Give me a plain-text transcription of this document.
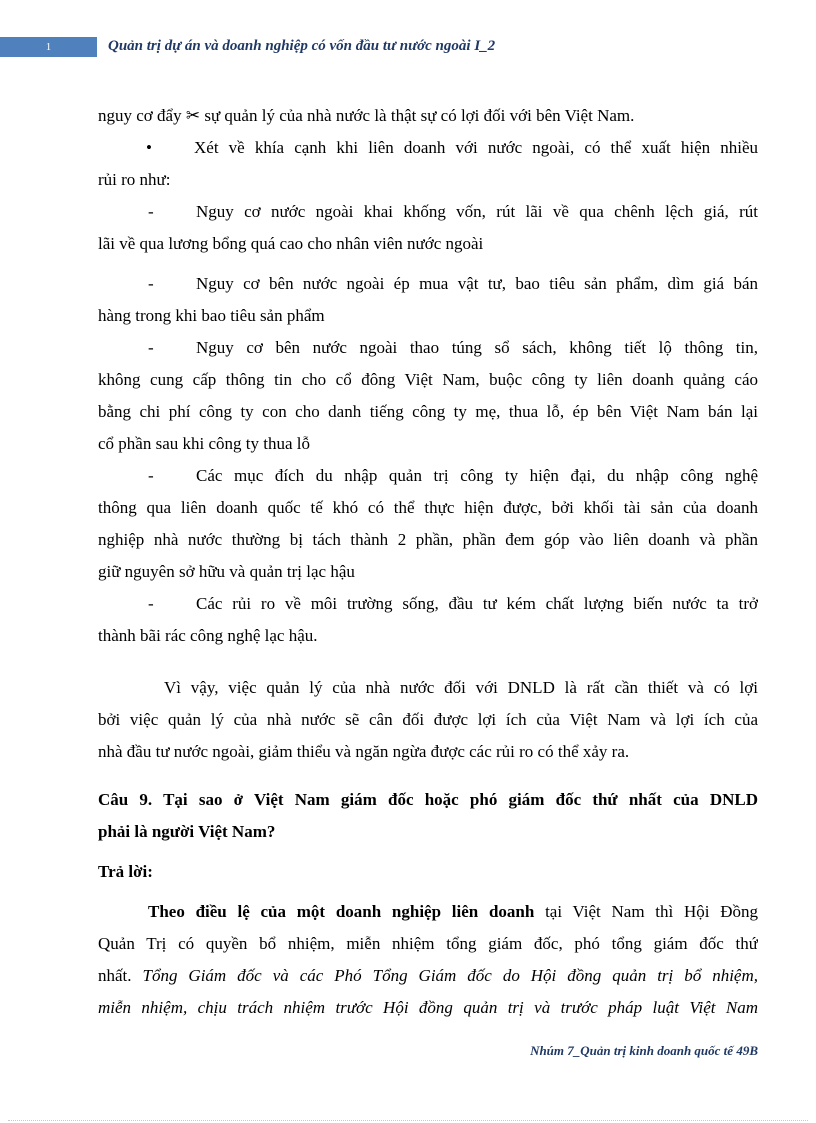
1	Quản trị dự án và doanh nghiệp có vốn đầu tư nước ngoài I_2
nguy cơ đẩy ✂ sự quản lý của nhà nước là thật sự có lợi đối với bên Việt Nam.
• Xét về khía cạnh khi liên doanh với nước ngoài, có thể xuất hiện nhiều
rủi ro như:
- Nguy cơ nước ngoài khai khống vốn, rút lãi về qua chênh lệch giá, rút
lãi về qua lương bổng quá cao cho nhân viên nước ngoài
- Nguy cơ bên nước ngoài ép mua vật tư, bao tiêu sản phẩm, dìm giá bán
hàng trong khi bao tiêu sản phẩm
- Nguy cơ bên nước ngoài thao túng sổ sách, không tiết lộ thông tin,
không cung cấp thông tin cho cổ đông Việt Nam, buộc công ty liên doanh quảng cáo
bằng chi phí công ty con cho danh tiếng công ty mẹ, thua lỗ, ép bên Việt Nam bán lại
cổ phần sau khi công ty thua lỗ
- Các mục đích du nhập quản trị công ty hiện đại, du nhập công nghệ
thông qua liên doanh quốc tế khó có thể thực hiện được, bởi khối tài sản của doanh
nghiệp nhà nước thường bị tách thành 2 phần, phần đem góp vào liên doanh và phần
giữ nguyên sở hữu và quản trị lạc hậu
- Các rủi ro về môi trường sống, đầu tư kém chất lượng biến nước ta trở
thành bãi rác công nghệ lạc hậu.
Vì vậy, việc quản lý của nhà nước đối với DNLD là rất cần thiết và có lợi
bởi việc quản lý của nhà nước sẽ cân đối được lợi ích của Việt Nam và lợi ích của
nhà đầu tư nước ngoài, giảm thiểu và ngăn ngừa được các rủi ro có thể xảy ra.
Câu 9. Tại sao ở Việt Nam giám đốc hoặc phó giám đốc thứ nhất của DNLD
phải là người Việt Nam?
Trả lời:
Theo điều lệ của một doanh nghiệp liên doanh tại Việt Nam thì Hội Đồng
Quản Trị có quyền bổ nhiệm, miễn nhiệm tổng giám đốc, phó tổng giám đốc thứ
nhất. Tổng Giám đốc và các Phó Tổng Giám đốc do Hội đồng quản trị bổ nhiệm,
miễn nhiệm, chịu trách nhiệm trước Hội đồng quản trị và trước pháp luật Việt Nam
Nhúm 7_Quản trị kinh doanh quốc tế 49B
